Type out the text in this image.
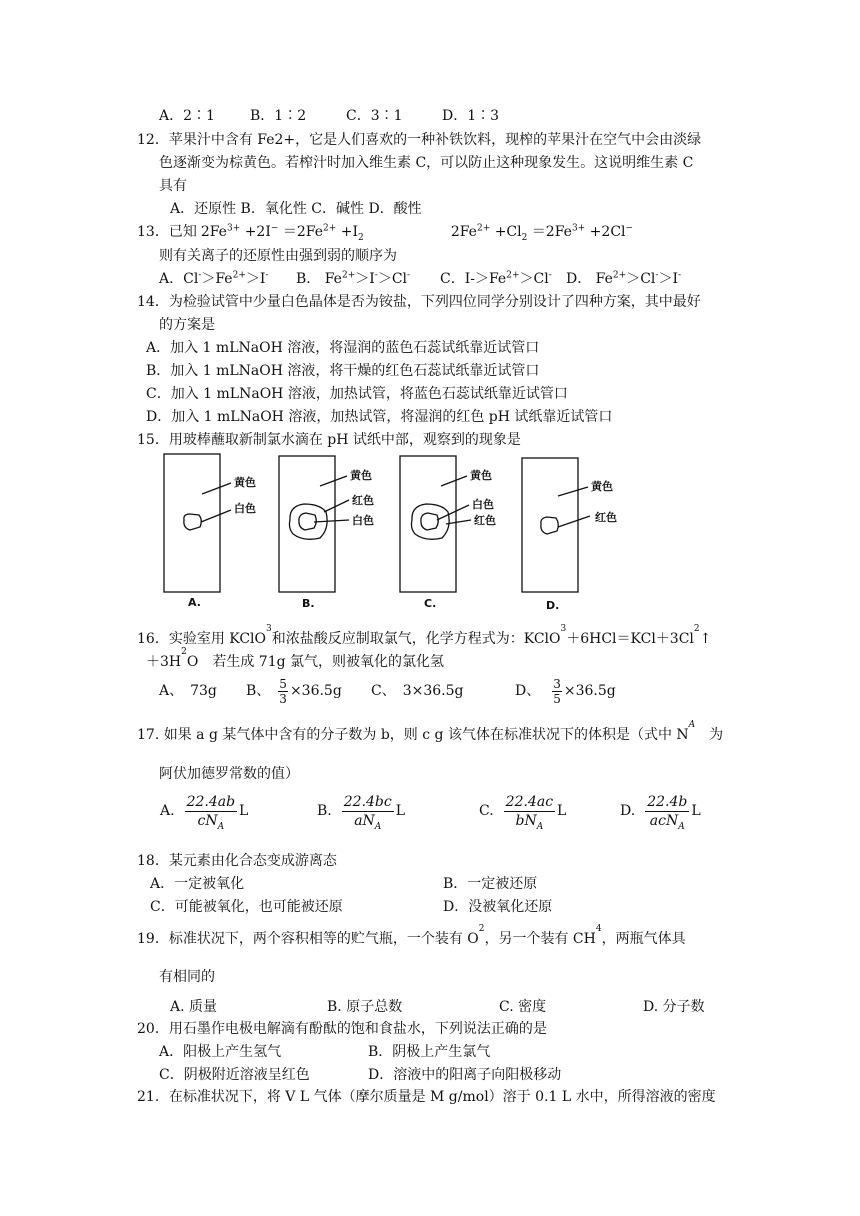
A．2∶1	B．1∶2	C．3∶1	D．1∶3
12．苹果汁中含有 Fe2+，它是人们喜欢的一种补铁饮料，现榨的苹果汁在空气中会由淡绿
色逐渐变为棕黄色。若榨汁时加入维生素 C，可以防止这种现象发生。这说明维生素 C
具有
A．还原性 B．氧化性 C．碱性 D．酸性
13．已知 $2Fe^{3+} +2I^- =2Fe^{2+} +I_2$	$2Fe^{2+} +Cl_2 =2Fe^{3+} +2Cl^-$
则有关离子的还原性由强到弱的顺序为
A．$Cl^->Fe^{2+}>I^-$	B． $Fe^{2+}>I^->Cl^-$	C．$I->Fe^{2+}>Cl^-$	D． $Fe^{2+}>Cl^->I^-$
14．为检验试管中少量白色晶体是否为铵盐，下列四位同学分别设计了四种方案，其中最好
的方案是
A．加入 1 mLNaOH 溶液，将湿润的蓝色石蕊试纸靠近试管口
B．加入 1 mLNaOH 溶液，将干燥的红色石蕊试纸靠近试管口
C．加入 1 mLNaOH 溶液，加热试管，将蓝色石蕊试纸靠近试管口
D．加入 1 mLNaOH 溶液，加热试管，将湿润的红色 pH 试纸靠近试管口
15．用玻棒蘸取新制氯水滴在 pH 试纸中部，观察到的现象是
黄色
白色
A.
黄色
红色
白色
B.
黄色
白色
红色
C.
黄色
红色
D.
16．实验室用 KClO
3
和浓盐酸反应制取氯气，化学方程式为：KClO
3
＋6HCl＝KCl＋3Cl
2
↑
＋3H
2
O　若生成 71g 氯气，则被氧化的氯化氢
A、　73g	B、 $\frac{5}{3} \times 36.5g$ C、　3×36.5g	D、 $\frac{3}{5} \times 36.5g$
17. 如果 a g 某气体中含有的分子数为 b，则 c g 该气体在标准状况下的体积是（式中 N
A
　为
阿伏加德罗常数的值）
A. $\frac{22.4ab}{cN_A}$ L	B. $\frac{22.4bc}{aN_A}$ L	C. $\frac{22.4ac}{bN_A}$ L	D. $\frac{22.4b}{acN_A}$ L
18．某元素由化合态变成游离态
A．一定被氧化	B．一定被还原
C．可能被氧化，也可能被还原	D．没被氧化还原
19．标准状况下，两个容积相等的贮气瓶，一个装有 O
2
，另一个装有 CH
4
，两瓶气体具
有相同的
A. 质量	B. 原子总数	C. 密度	D. 分子数
20．用石墨作电极电解滴有酚酞的饱和食盐水，下列说法正确的是
A．阳极上产生氢气	B．阴极上产生氯气
C．阴极附近溶液呈红色	D．溶液中的阳离子向阳极移动
21．在标准状况下，将 V L 气体（摩尔质量是 M g/mol）溶于 0.1 L 水中，所得溶液的密度
